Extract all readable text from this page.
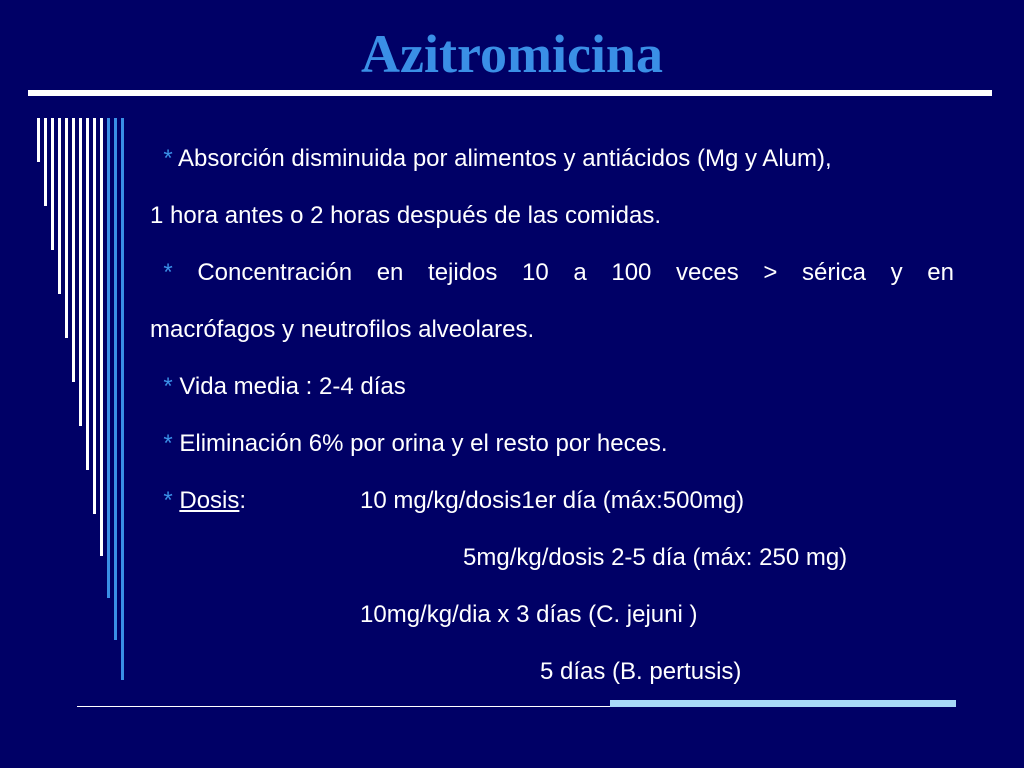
Azitromicina
* Absorción disminuida por alimentos y antiácidos (Mg y Alum),
1 hora antes o 2 horas después de las comidas.
* Concentración en tejidos 10 a 100 veces > sérica y en
macrófagos y neutrofilos alveolares.
* Vida media : 2-4 días
* Eliminación 6% por orina y el resto por heces.
* Dosis:	10 mg/kg/dosis1er día (máx:500mg)
5mg/kg/dosis 2-5 día (máx: 250 mg)
10mg/kg/dia x 3 días (C. jejuni )
5 días (B. pertusis)
